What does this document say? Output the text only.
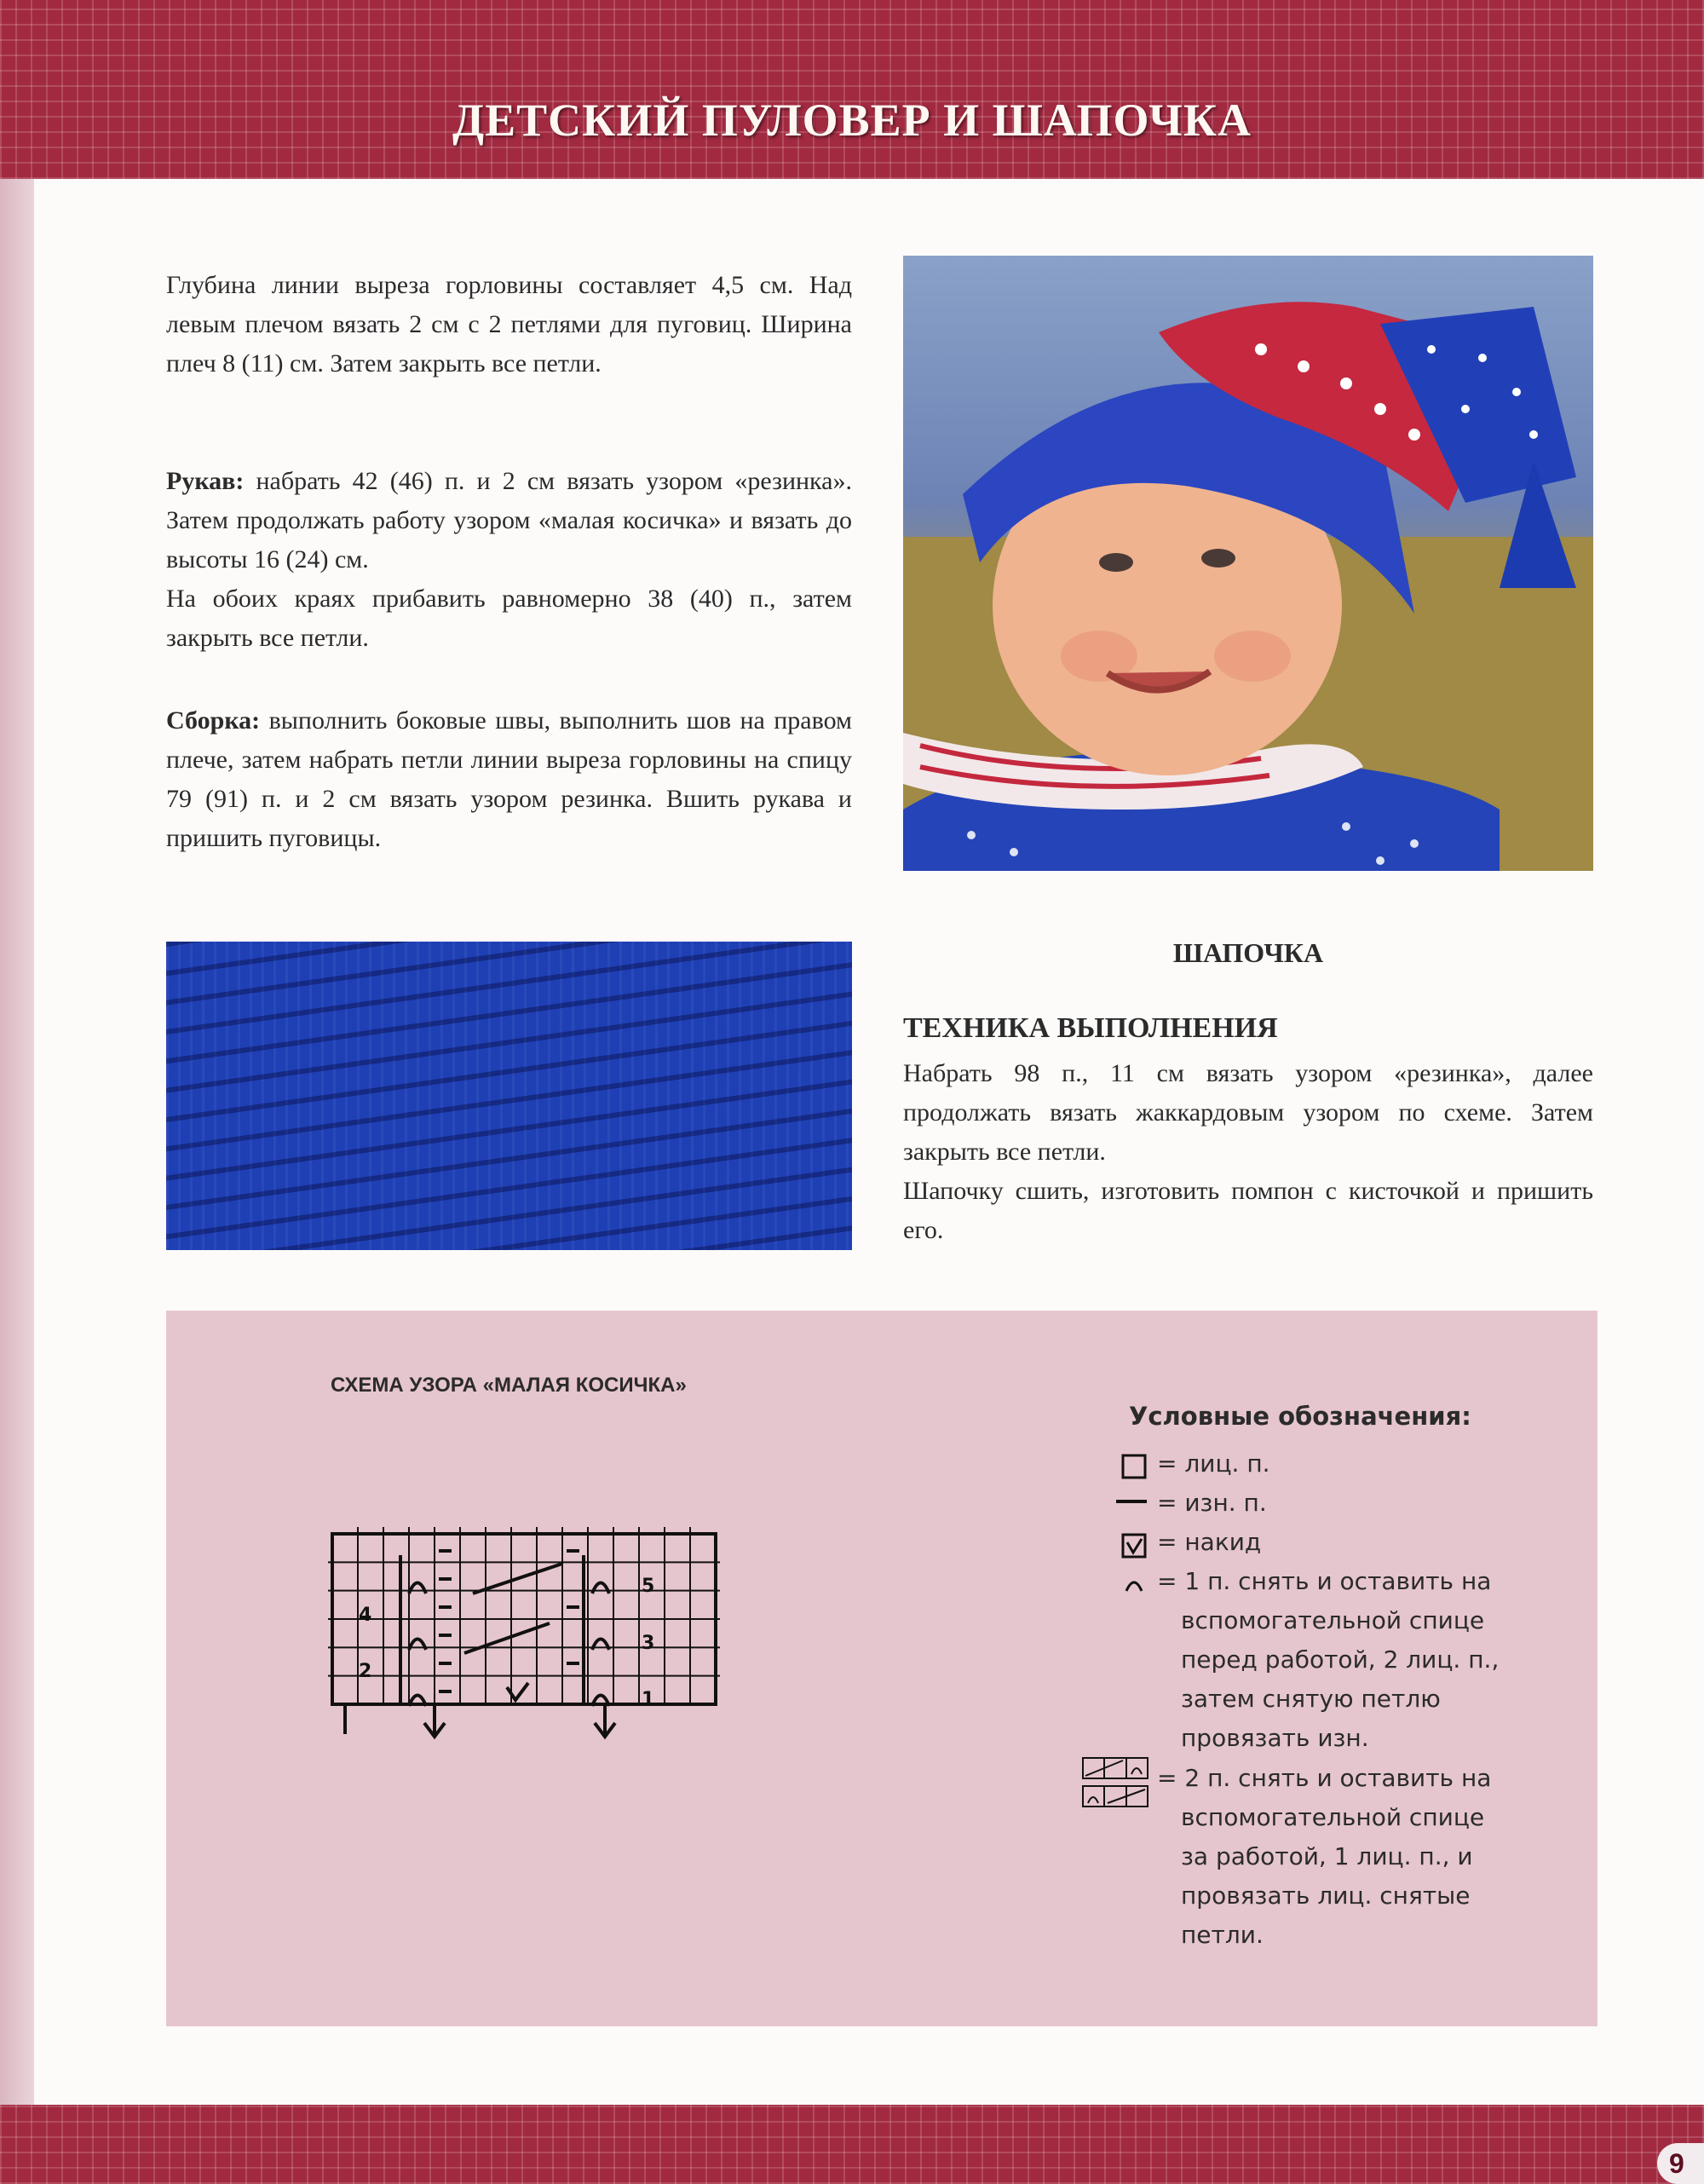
ДЕТСКИЙ ПУЛОВЕР И ШАПОЧКА

Глубина линии выреза горловины составляет 4,5 см. Над левым плечом вязать 2 см с 2 петлями для пуговиц. Ширина плеч 8 (11) см. Затем закрыть все петли.

Рукав: набрать 42 (46) п. и 2 см вязать узором «резинка». Затем продолжать работу узором «малая косичка» и вязать до высоты 16 (24) см.

На обоих краях прибавить равномерно 38 (40) п., затем закрыть все петли.

Сборка: выполнить боковые швы, выполнить шов на правом плече, затем набрать петли линии выреза горловины на спицу 79 (91) п. и 2 см вязать узором резинка. Вшить рукава и пришить пуговицы.

ШАПОЧКА
ТЕХНИКА ВЫПОЛНЕНИЯ

Набрать 98 п., 11 см вязать узором «резинка», далее продолжать вязать жаккардовым узором по схеме. Затем закрыть все петли.

Шапочку сшить, изготовить помпон с кисточкой и пришить его.

СХЕМА УЗОРА «МАЛАЯ КОСИЧКА»
4
2
5
3
1
Условные обозначения:
= лиц. п.
= изн. п.
= накид
= 1 п. снять и оставить на
вспомогательной спице
перед работой, 2 лиц. п.,
затем снятую петлю
провязать изн.
= 2 п. снять и оставить на
вспомогательной спице
за работой, 1 лиц. п., и
провязать лиц. снятые
петли.
9
